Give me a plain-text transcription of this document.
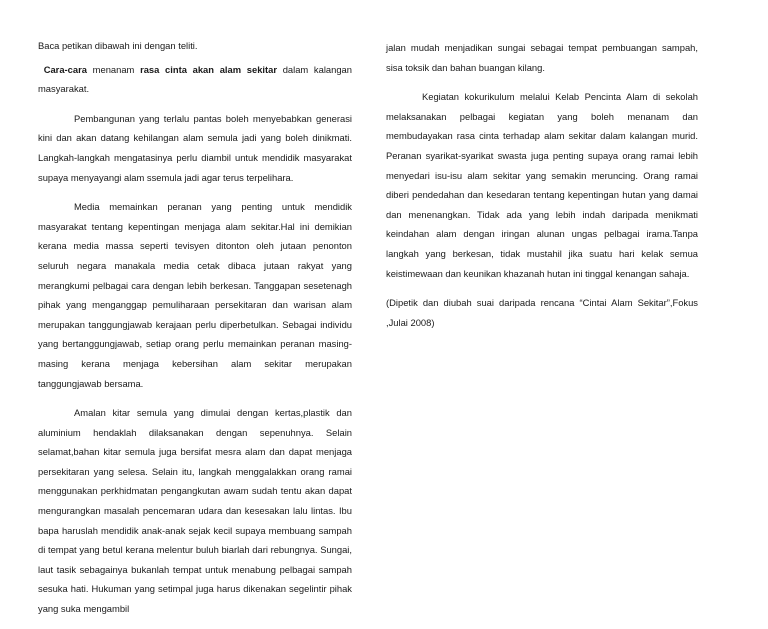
Baca petikan dibawah ini dengan teliti.

Cara-cara menanam rasa cinta akan alam sekitar dalam kalangan masyarakat.

Pembangunan yang terlalu pantas boleh menyebabkan generasi kini dan akan datang kehilangan alam semula jadi yang boleh dinikmati. Langkah-langkah mengatasinya perlu diambil untuk mendidik masyarakat supaya menyayangi alam ssemula jadi agar terus terpelihara.

Media memainkan peranan yang penting untuk mendidik masyarakat tentang kepentingan menjaga alam sekitar.Hal ini demikian kerana media massa seperti tevisyen ditonton oleh jutaan penonton seluruh negara manakala media cetak dibaca jutaan rakyat yang merangkumi pelbagai cara dengan lebih berkesan. Tanggapan sesetenagh pihak yang menganggap pemuliharaan persekitaran dan warisan alam merupakan tanggungjawab kerajaan perlu diperbetulkan. Sebagai individu yang bertanggungjawab, setiap orang perlu memainkan peranan masing-masing kerana menjaga kebersihan alam sekitar merupakan tanggungjawab bersama.

Amalan kitar semula yang dimulai dengan kertas,plastik dan aluminium hendaklah dilaksanakan dengan sepenuhnya. Selain selamat,bahan kitar semula juga bersifat mesra alam dan dapat menjaga persekitaran yang selesa. Selain itu, langkah menggalakkan orang ramai menggunakan perkhidmatan pengangkutan awam sudah tentu akan dapat mengurangkan masalah pencemaran udara dan kesesakan lalu lintas. Ibu bapa haruslah mendidik anak-anak sejak kecil supaya membuang sampah di tempat yang betul kerana melentur buluh biarlah dari rebungnya. Sungai, laut tasik sebagainya bukanlah tempat untuk menabung pelbagai sampah sesuka hati. Hukuman yang setimpal juga harus dikenakan segelintir pihak yang suka mengambil

jalan mudah menjadikan sungai sebagai tempat pembuangan sampah, sisa toksik dan bahan buangan kilang.

Kegiatan kokurikulum melalui Kelab Pencinta Alam di sekolah melaksanakan pelbagai kegiatan yang boleh menanam dan membudayakan rasa cinta terhadap alam sekitar dalam kalangan murid. Peranan syarikat-syarikat swasta juga penting supaya orang ramai lebih menyedari isu-isu alam sekitar yang semakin meruncing. Orang ramai diberi pendedahan dan kesedaran tentang kepentingan hutan yang damai dan menenangkan. Tidak ada yang lebih indah daripada menikmati keindahan alam dengan iringan alunan ungas pelbagai irama.Tanpa langkah yang berkesan, tidak mustahil jika suatu hari kelak semua keistimewaan dan keunikan khazanah hutan ini tinggal kenangan sahaja.

(Dipetik dan diubah suai daripada rencana “Cintai Alam Sekitar”,Fokus ,Julai 2008)
